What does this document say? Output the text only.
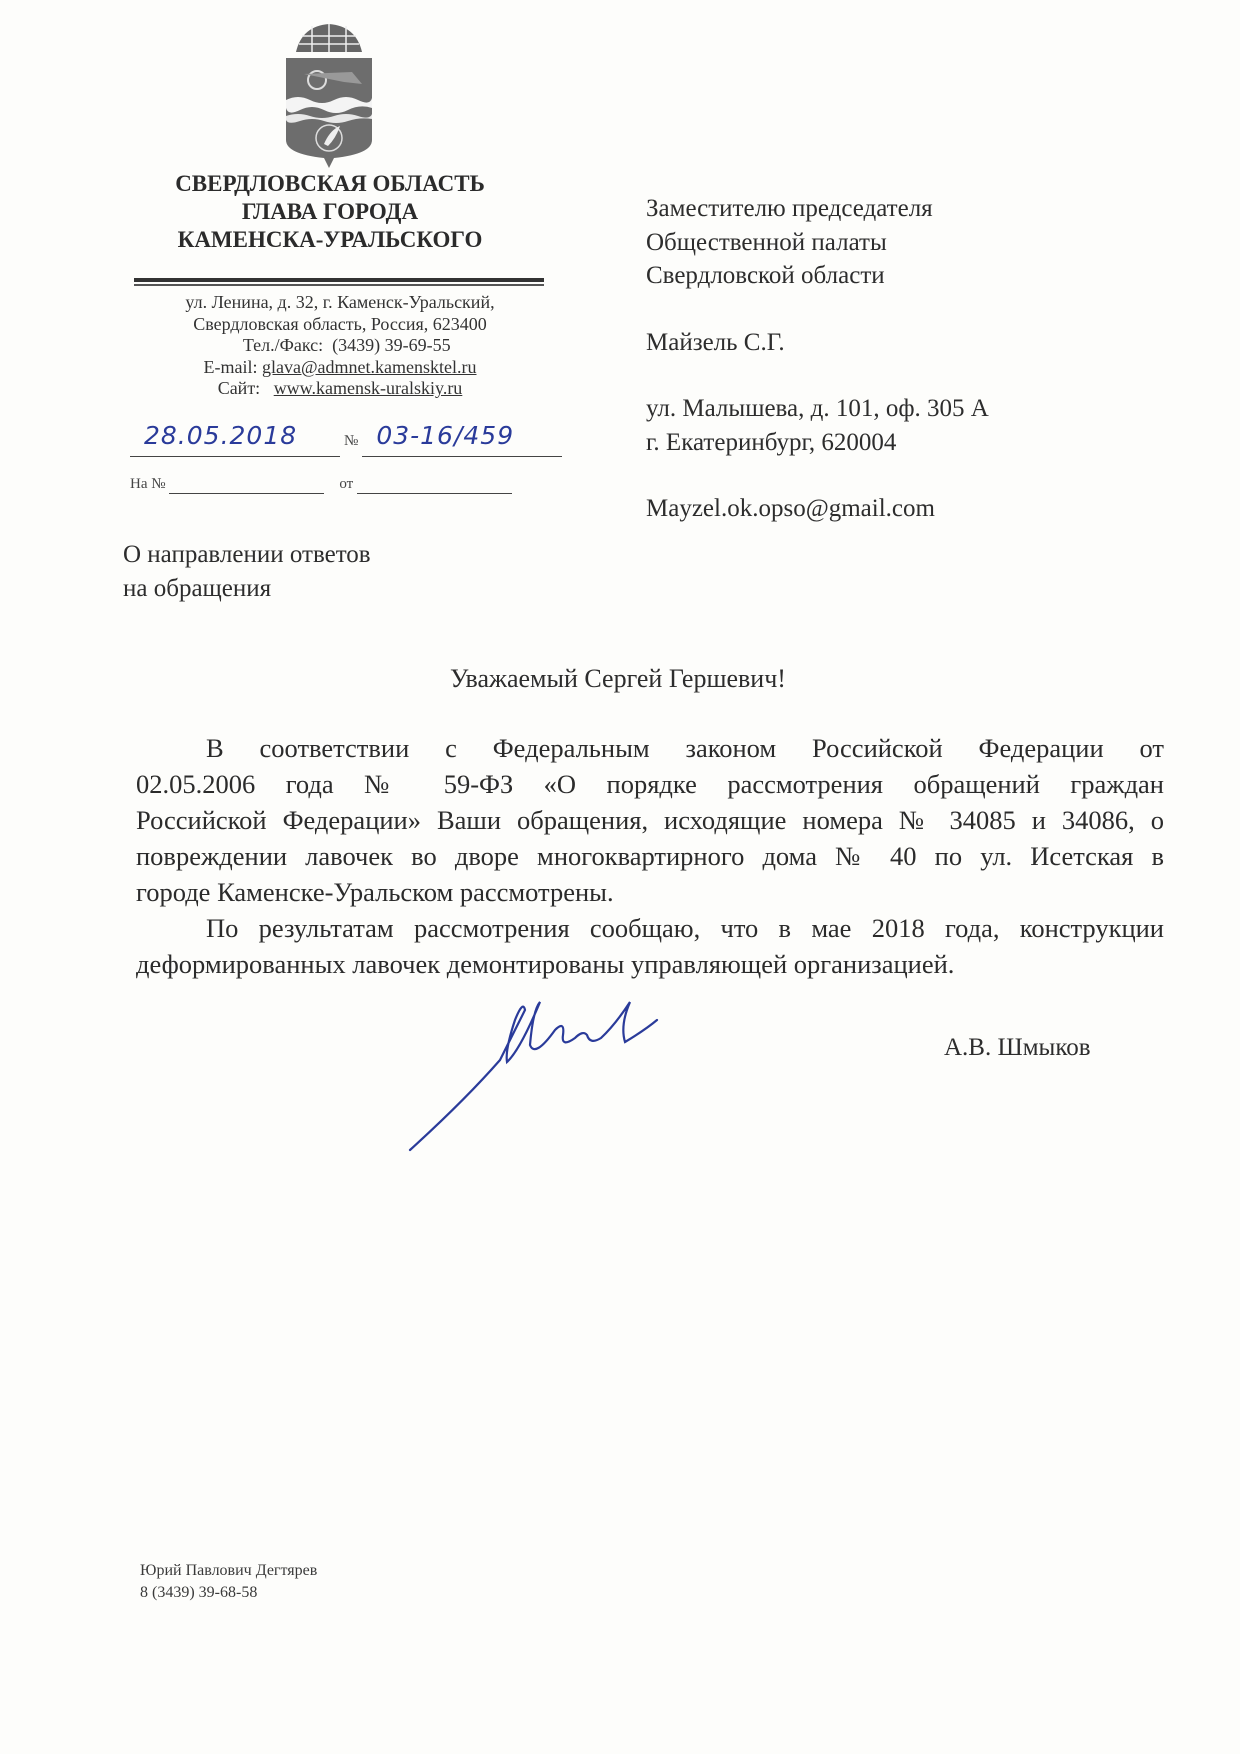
СВЕРДЛОВСКАЯ ОБЛАСТЬ
ГЛАВА ГОРОДА
КАМЕНСКА-УРАЛЬСКОГО
ул. Ленина, д. 32, г. Каменск-Уральский,
Свердловская область, Россия, 623400
Тел./Факс: (3439) 39-69-55
E-mail: glava@admnet.kamensktel.ru
Сайт: www.kamensk-uralskiy.ru
28.05.2018	№ 03-16/459
На №	от
Заместителю председателя
Общественной палаты
Свердловской области
Майзель С.Г.
ул. Малышева, д. 101, оф. 305 А
г. Екатеринбург, 620004
Mayzel.ok.opso@gmail.com
О направлении ответов
на обращения
Уважаемый Сергей Гершевич!
В соответствии с Федеральным законом Российской Федерации от
02.05.2006 года № 59-ФЗ «О порядке рассмотрения обращений граждан
Российской Федерации» Ваши обращения, исходящие номера № 34085 и 34086, о
повреждении лавочек во дворе многоквартирного дома № 40 по ул. Исетская в
городе Каменске-Уральском рассмотрены.
По результатам рассмотрения сообщаю, что в мае 2018 года, конструкции
деформированных лавочек демонтированы управляющей организацией.
А.В. Шмыков
Юрий Павлович Дегтярев
8 (3439) 39-68-58
